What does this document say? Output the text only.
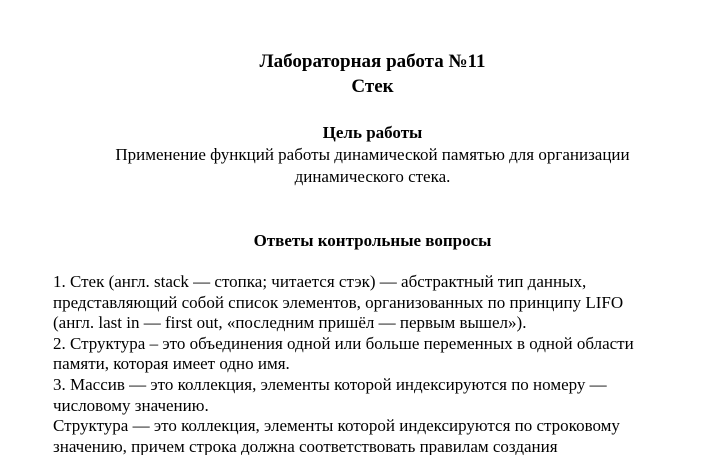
Лабораторная работа №11
Стек
Цель работы
Применение функций работы динамической памятью для организации
динамического стека.
Ответы контрольные вопросы

1. Стек (англ. stack — стопка; читается стэк) — абстрактный тип данных,

представляющий собой список элементов, организованных по принципу LIFO

(англ. last in — first out, «последним пришёл — первым вышел»).

2. Структура – это объединения одной или больше переменных в одной области

памяти, которая имеет одно имя.

3. Массив — это коллекция, элементы которой индексируются по номеру —

числовому значению.

Структура — это коллекция, элементы которой индексируются по строковому

значению, причем строка должна соответствовать правилам создания
